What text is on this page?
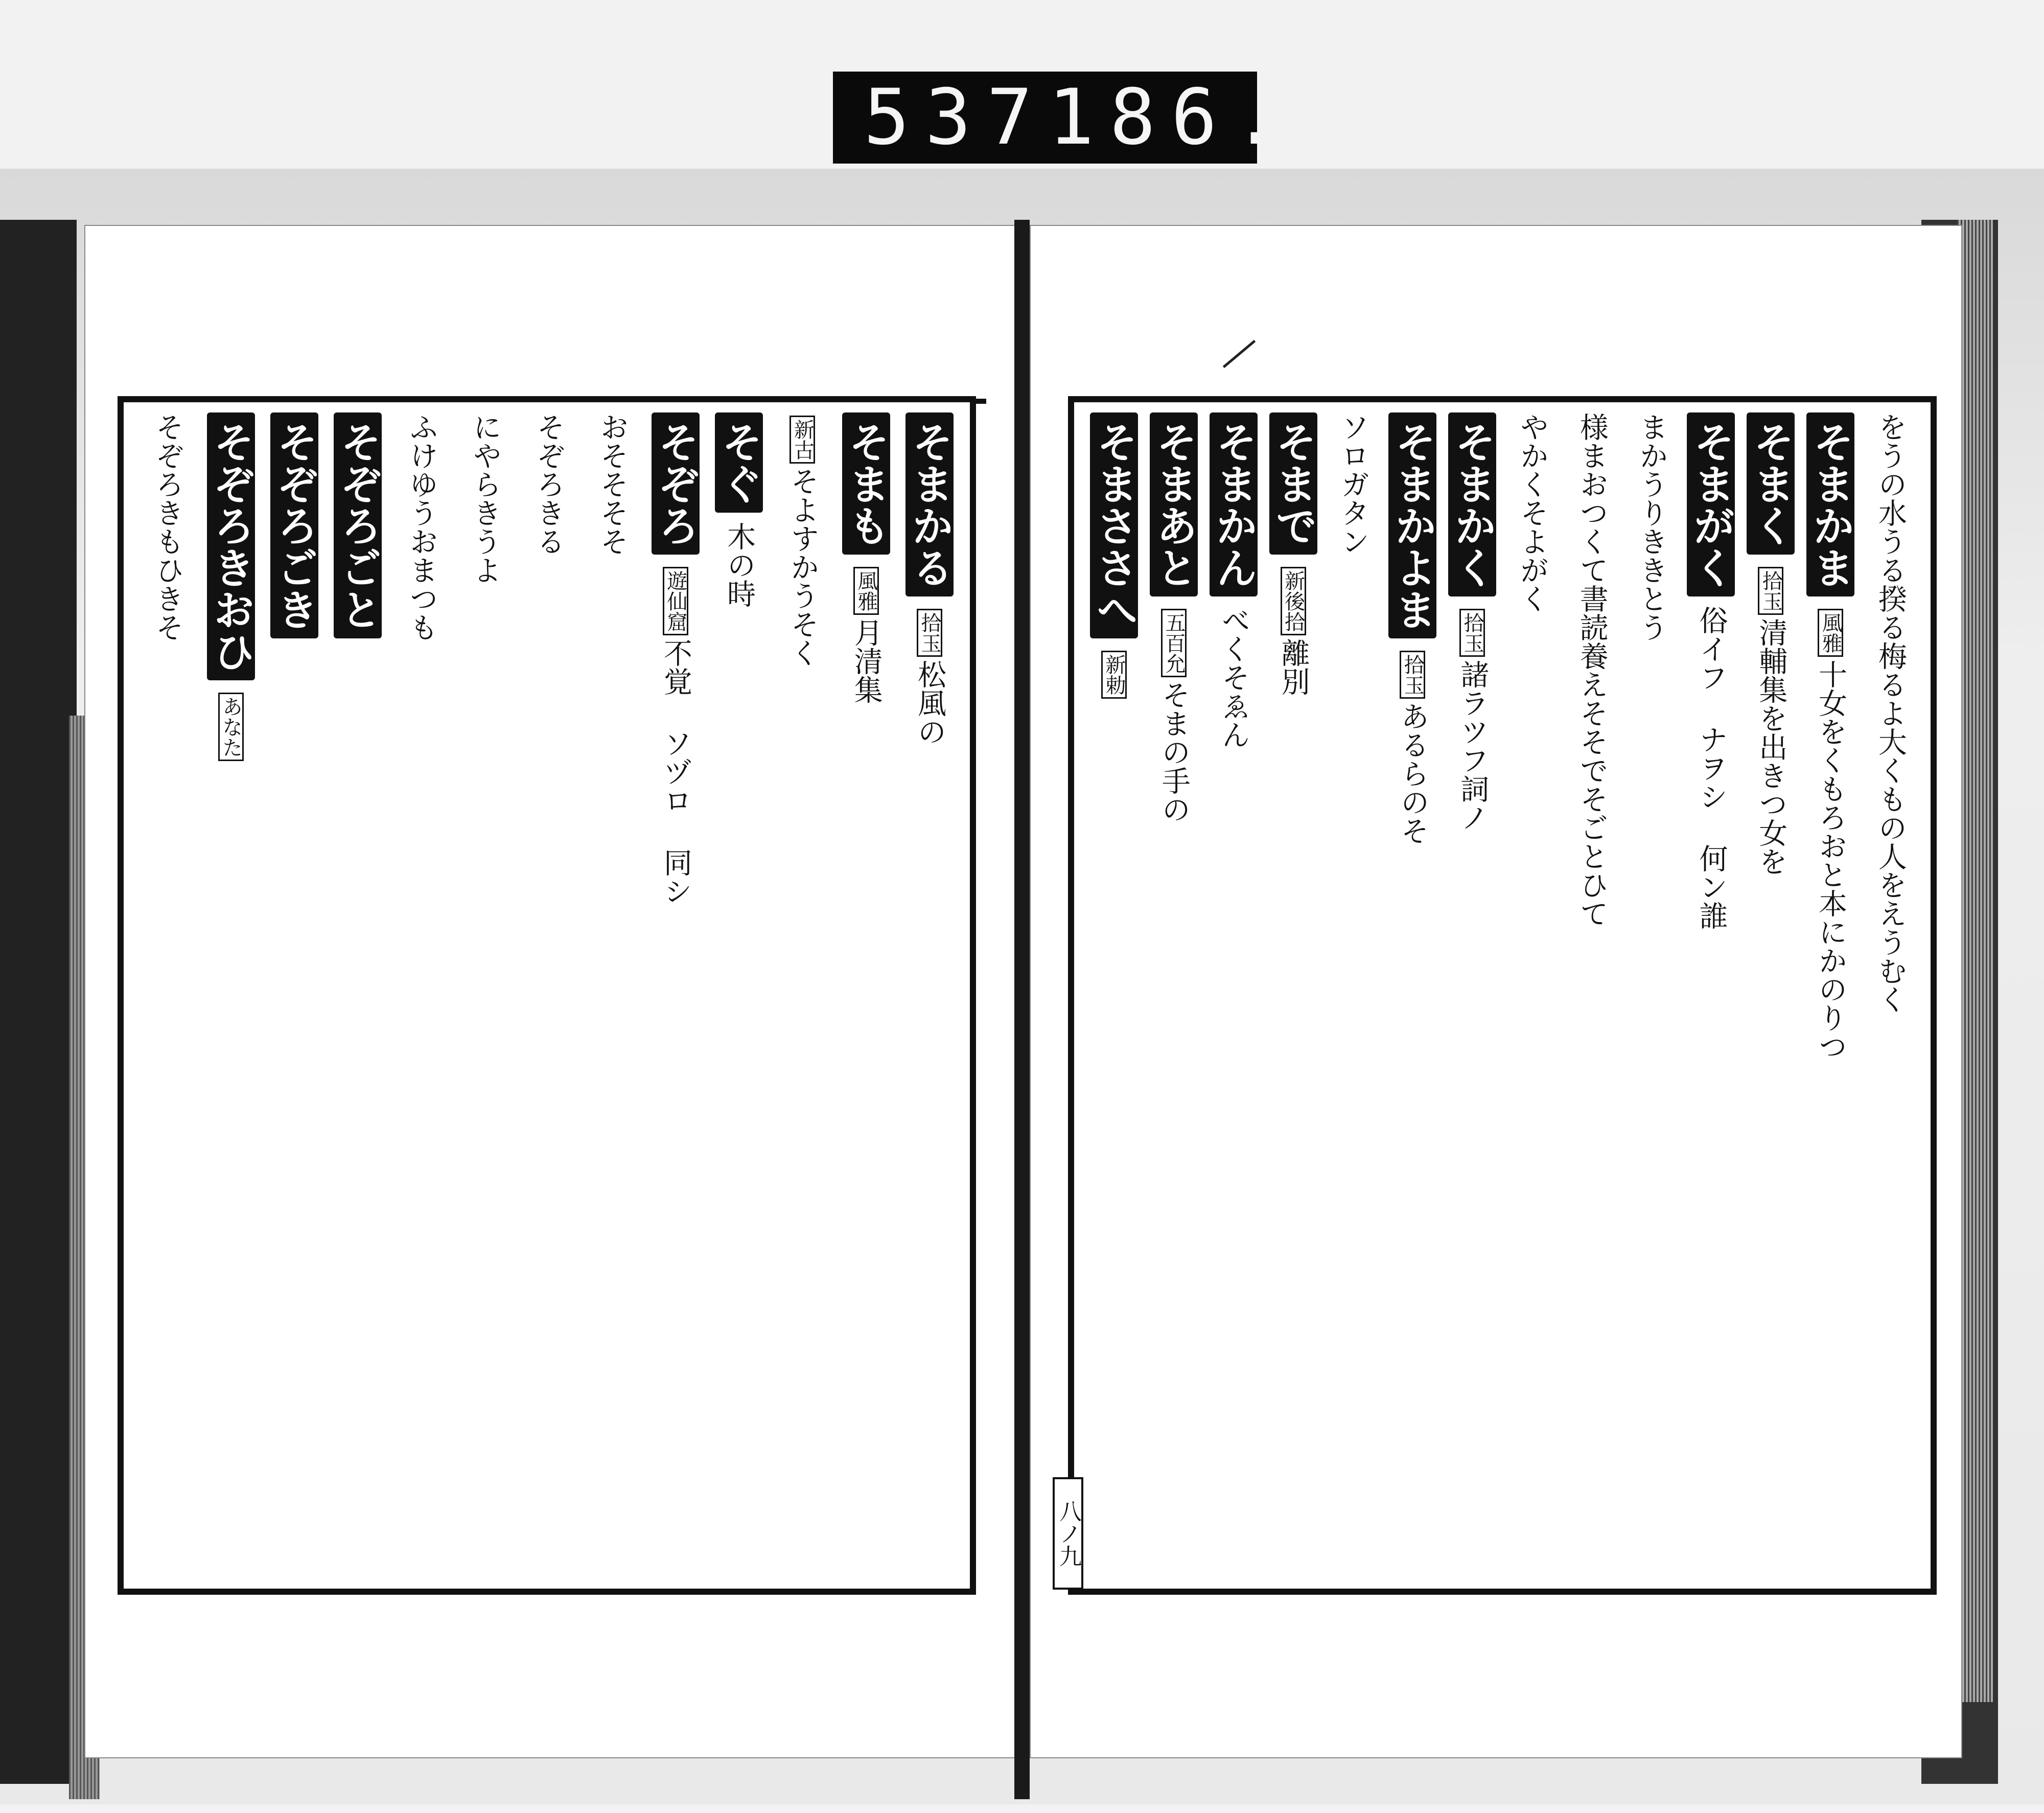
537 186.
をうの水うる揆る梅るよ大くもの人をえうむく
そまかま風雅十女をくもろおと本にかのりつ
そまく拾玉清輔集を出きつ女を
そまがく俗イフ ナヲシ 何ン誰
まかうりききとう
様まおつくて書読養えそそでそごとひて
やかくそよがく
そまかく拾玉諸ラツフ詞ノ
そまかよま拾玉あるらのそ
ソロガタン
そまで新後拾離別
そまかんべくそゑん
そまあと五百允そまの手の
そまささへ新勅
そまかる拾玉松風の
そまも風雅月清集
新古そよすかうそく
そぐ木の時
そぞろ遊仙窟不覚 ソヅロ 同シ
おそそそそ
そぞろきる
にやらきうよ
ふけゆうおまつも
そぞろごと
そぞろごき
そぞろきおひあなた
そぞろきもひきそ
八ノ九
